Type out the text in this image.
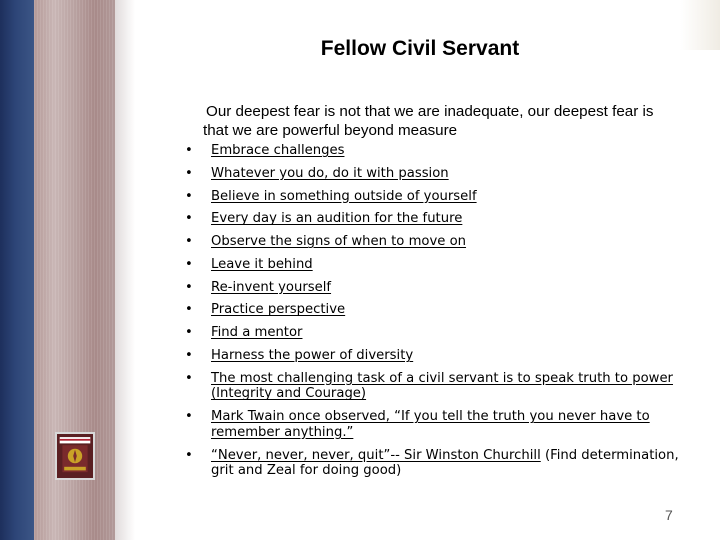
Fellow Civil Servant

Our deepest fear is not that we are inadequate, our deepest fear is that we are powerful beyond measure

•	Embrace challenges
•	Whatever you do, do it with passion
•	Believe in something outside of yourself
•	Every day is an audition for the future
•	Observe the signs of when to move on
•	Leave it behind
•	Re-invent yourself
•	Practice perspective
•	Find a mentor
•	Harness the power of diversity
•	The most challenging task of a civil servant is to speak truth to power (Integrity and Courage)
•	Mark Twain once observed, “If you tell the truth you never have to remember anything.”
•	“Never, never, never, quit”-- Sir Winston Churchill (Find determination, grit and Zeal for doing good)
7
